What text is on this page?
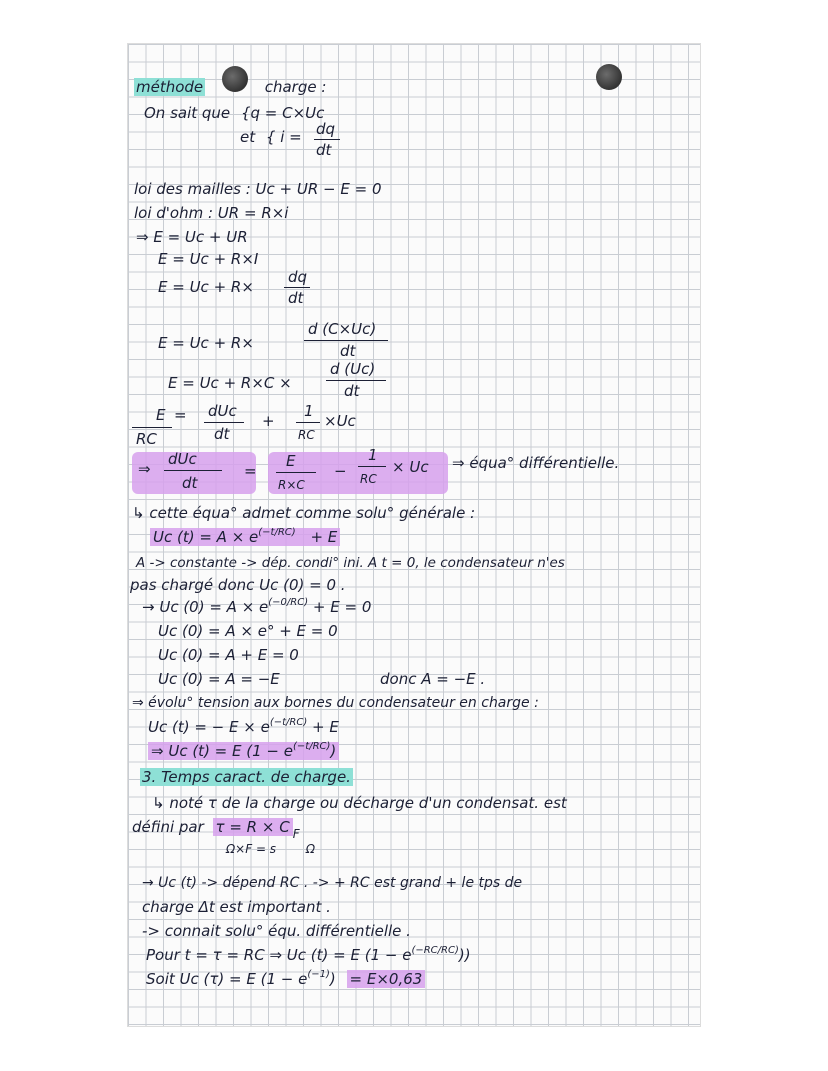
méthode	charge :
On sait que {q = C×Uc
et { i = dq
dt
loi des mailles : Uc + UR − E = 0
loi d'ohm : UR = R×i
⇒ E = Uc + UR
E = Uc + R×I
E = Uc + R×
dq
dt
E = Uc + R×
d (C×Uc)
dt
E = Uc + R×C ×
d (Uc)
dt
E =
RC
dUc
dt
+
1
RC
×Uc
⇒
dUc
dt
=
E
R×C
−
1
RC
× Uc ⇒ équa° différentielle.
↳ cette équa° admet comme solu° générale :
Uc $(t) = A \times e^{(-t/RC)} + E$
A -> constante -> dép. condi° ini. A t = 0, le condensateur n'es
pas chargé donc Uc (0) = 0 .
→ Uc $(0) = A \times e^{(-0/RC)} + E = 0$
Uc (0) = A × e° + E = 0
Uc (0) = A + E = 0
Uc (0) = A = −E	donc A = −E .
⇒ évolu° tension aux bornes du condensateur en charge :
Uc (t) = − $E \times e^{(-t/RC)} + E$
⇒ Uc (t) = E $(1 - e^{(-t/RC)})$
3. Temps caract. de charge.
↳ noté τ de la charge ou décharge d'un condensat. est
défini par τ = R × C $_F$
Ω×F = s Ω
→ Uc (t) -> dépend RC . -> + RC est grand + le tps de
charge Δt est important .
-> connait solu° équ. différentielle .
Pour t = τ = RC ⇒ Uc (t) = E $(1 - e^{(-RC/RC)})$)
Soit Uc (τ) = E $(1 - e^{(-1)}) = E\times 0,63$
